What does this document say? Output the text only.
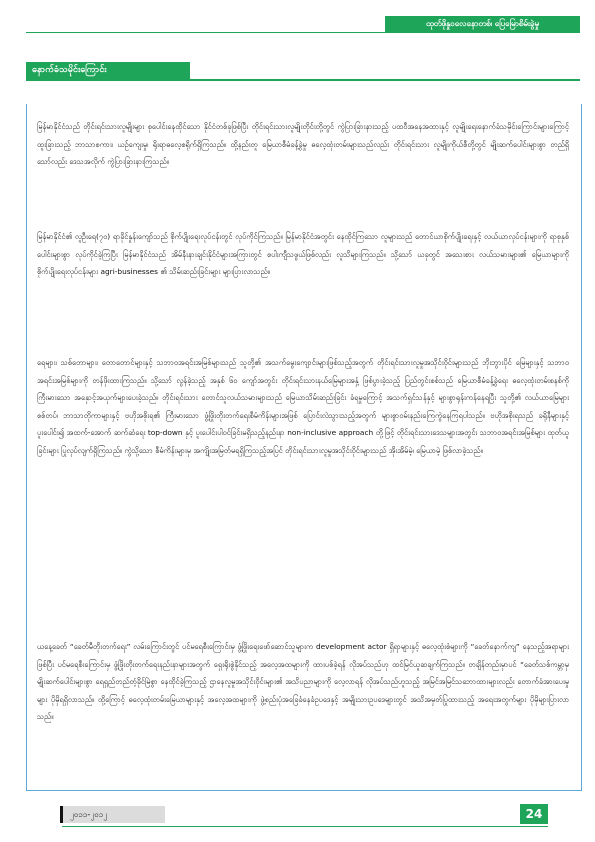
ထုတ်ဖိုနှုဝလေနောတစ်၊ ပြေမြောစိမ်းခွဲမှု
နောက်ခံသမိုင်းကြောင်း

မြန်မာနိုင်ငံသည် တိုင်းရင်းသားလူမျိုးများ စုပေါင်းနေထိုင်သော နိုင်ငံတစ်ခုဖြစ်ပြီး တိုင်းရင်းသားလူမျိုးတိုင်းတို့တွင် ကွဲပြားခြားနားသည့် ပထဝီအနေအထားနှင့် လူမျိုးရေးနောက်ခံသမိုင်းကြောင်းများကြောင့် ထူးခြားသည့် ဘာသာစကား၊ ယဉ်ကျေးမှု၊ ရိုးရာဓလေ့စရိုက်ရှိကြသည်။ ထို့နည်းတူ မြေယာစီမံခန့်ခွဲမှု ဓလေ့ထုံးတမ်းများသည်လည်း တိုင်းရင်းသား လူမျိုးကိုယ်စီတို့တွင် မျိုးဆက်ပေါင်းများစွာ တည်ရှိသော်လည်း ဒေသအလိုက် ကွဲပြားခြားနားကြသည်။

မြန်မာနိုင်ငံ၏ လူဦးရေ(၇၀) ရာခိုင်နှုန်းကျော်သည် စိုက်ပျိုးရေးလုပ်ငန်းတွင် လုပ်ကိုင်ကြသည်။ မြန်မာနိုင်ငံအတွင်း နေထိုင်ကြသော လူများသည် တောင်ယာစိုက်ပျိုးရေးနှင့် လယ်ယာလုပ်ငန်းများကို ရာစုနှစ်ပေါင်းများစွာ လုပ်ကိုင်ခဲ့ကြပြီး မြန်မာနိုင်ငံသည် အိမ်နီးနားချင်းနိုင်ငံများအကြားတွင် စပါးကျီသဖွယ်ဖြစ်လည်း လူသိများကြသည်။ သို့သော် ယခုတွင် အသေးစား လယ်သမားများ၏ မြေယာများကို စိုက်ပျိုးရေးလုပ်ငန်းများ agri-businesses ၏ သိမ်းဆည်းခြင်းများ များပြားလာသည်။

ရေများ၊ သစ်တောများ၊ တောတောင်များနှင့် သဘာဝအရင်းအမြစ်များသည် သူတို့၏ အသက်မွေးကျောင်းများဖြစ်သည့်အတွက် တိုင်းရင်းသားလူမှုအသိုင်းဝိုင်းများသည် ဘိုးဘွားပိုင် မြေများနှင့် သဘာဝအရင်းအမြစ်များကို တန်ဖိုးထားကြသည်။ သို့သော် လွန်ခဲ့သည့် အနှစ် ၆၀ ကျော်အတွင်း တိုင်းရင်းသားနယ်မြေများအနှံ့ ဖြစ်ပွားခဲ့သည့် ပြည်တွင်းစစ်သည် မြေယာစီမံခန့်ခွဲရေး ဓလေ့ထုံးတမ်းစနစ်ကို ကြီးမားသော အနှောင့်အယှက်များပေးခဲ့သည်။ တိုင်းရင်းသား တောင်သူလယ်သမားများသည် မြေယာသိမ်းဆည်းခြင်း ခံရမှုကြောင့် အသက်ရှင်သန်နှင့် များစွာရုန်းကန်နေရပြီး သူတို့၏ လယ်ယာမြေများ စစ်တပ်၊ ဘာသာတိုကာများနှင့် ဗဟိုအစိုးရ၏ ကြီးမားသော ဖွံ့ဖြိုးတိုးတက်ရေးစီမံကိန်းများအဖြစ် ပြောင်းလဲသွားသည့်အတွက် များစွာဝမ်းနည်းကြေကွဲနေကြရပါသည်။ ဗဟိုအစိုးရသည် ခရိုနီများနှင့် ပူးပေါင်း၍ အထက်-အောက် ဆက်ဆံရေး top-down နှင့် ပူးပေါင်းပါဝင်ခြင်းမရှိသည့်နည်းနာ non-inclusive approach တို့ဖြင့် တိုင်းရင်းသားဒေသများအတွင်း သဘာဝအရင်းအမြစ်များ ထုတ်ယူခြင်းများ ပြုလုပ်လျက်ရှိကြသည်။ ကွဲသို့သော စီမံကိန်းများမှ အကျိုးအမြတ်မရရှိကြသည့်အပြင် တိုင်းရင်းသားလူမှုအသိုင်းဝိုင်းများသည် အိုးအိမ်မဲ့၊ မြေယာမဲ့ ဖြစ်လာခဲ့သည်။

ယနေ့ခေတ် “ခေတ်မီတိုးတက်ရေး” လမ်းကြောင်းတွင် ပင်မရေစီးကြောင်းမှ ဖွံ့ဖြိုးရေးဖော်ဆောင်သူများက development actor ရှိရာများနှင့် ဓလေ့ထုံးစံများကို “ခေတ်နောက်ကျ” နေသည့်အရာများဖြစ်ပြီး ပင်မရေစီးကြောင်းမှ ဖွံ့ဖြိုးတိုးတက်ရေးနည်းနာများအတွက် ရှေးရိုးစွဲနိုင်သည့် အလေ့အထများကို ထားပစ်ခဲ့ရန် လိုအပ်သည်ဟု ထင်မြင်ယူဆချက်ကြသည်။ တချိန်တည်းမှာပင် “ခေတ်သစ်ကမ္ဘာမှ မျိုးဆက်ပေါင်းများစွာ ရေရှည်တည်တံ့ခိုင်မြဲစွာ နေထိုင်ခဲ့ကြသည့် ဌာနေလူမှုအသိုင်းဝိုင်းများ၏ အသိပညာများကို လေ့လာရန် လိုအပ်သည်ဟူသည့် အမြင်အမြင်သဘောထားများလည်း တောက်ခံအားပေးမှုများ ပိုမိုရရှိလာသည်။ ထို့ကြောင့် ဓလေ့ထုံးတမ်းမြေယာများနှင့် အလေ့အထများကို ဖွဲ့စည်းပုံအခြေခံနေခံဥပဒေနှင့် အမျိုးသားဥပဒေများတွင် အသိအမှတ်ပြုထားသည့် အရေးအတွက်များ ပိုမိုများပြားလာသည်။

၂၀၁၁-၂၀၁၂	24
